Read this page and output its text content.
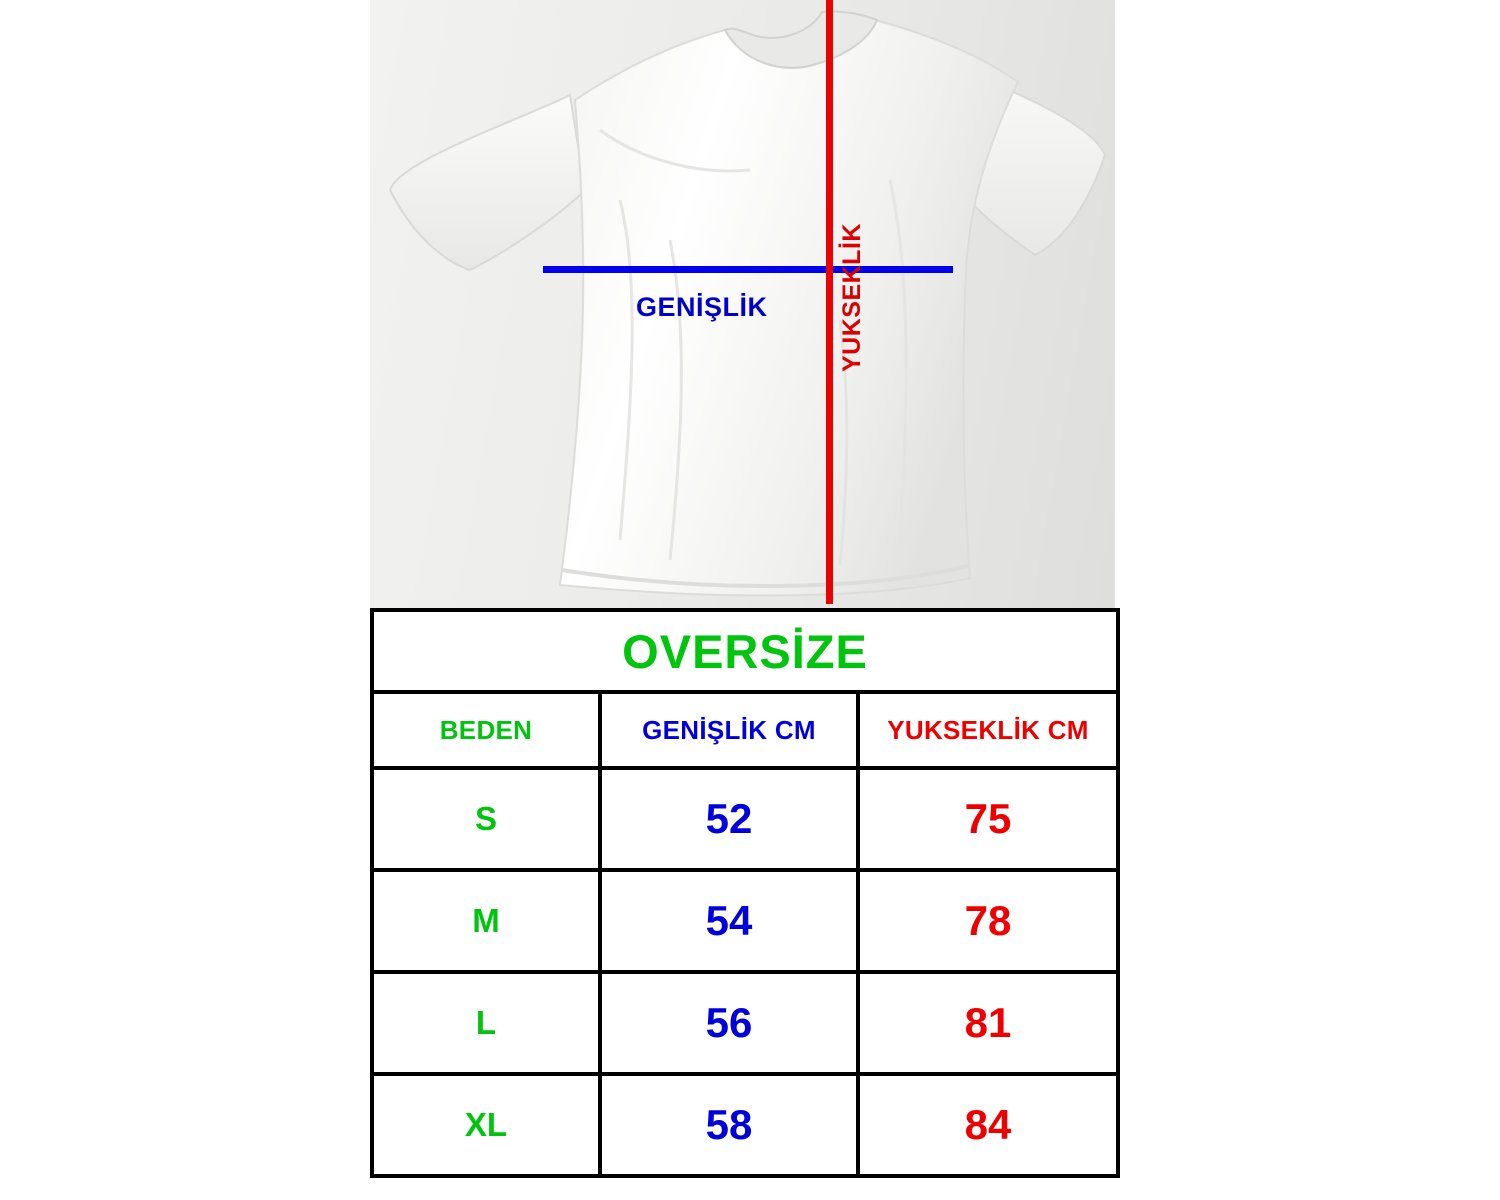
GENİŞLİK	YUKSEKLİK
OVERSİZE		
BEDEN	GENİŞLİK CM	YUKSEKLİK CM
S	52	75
M	54	78
L	56	81
XL	58	84
